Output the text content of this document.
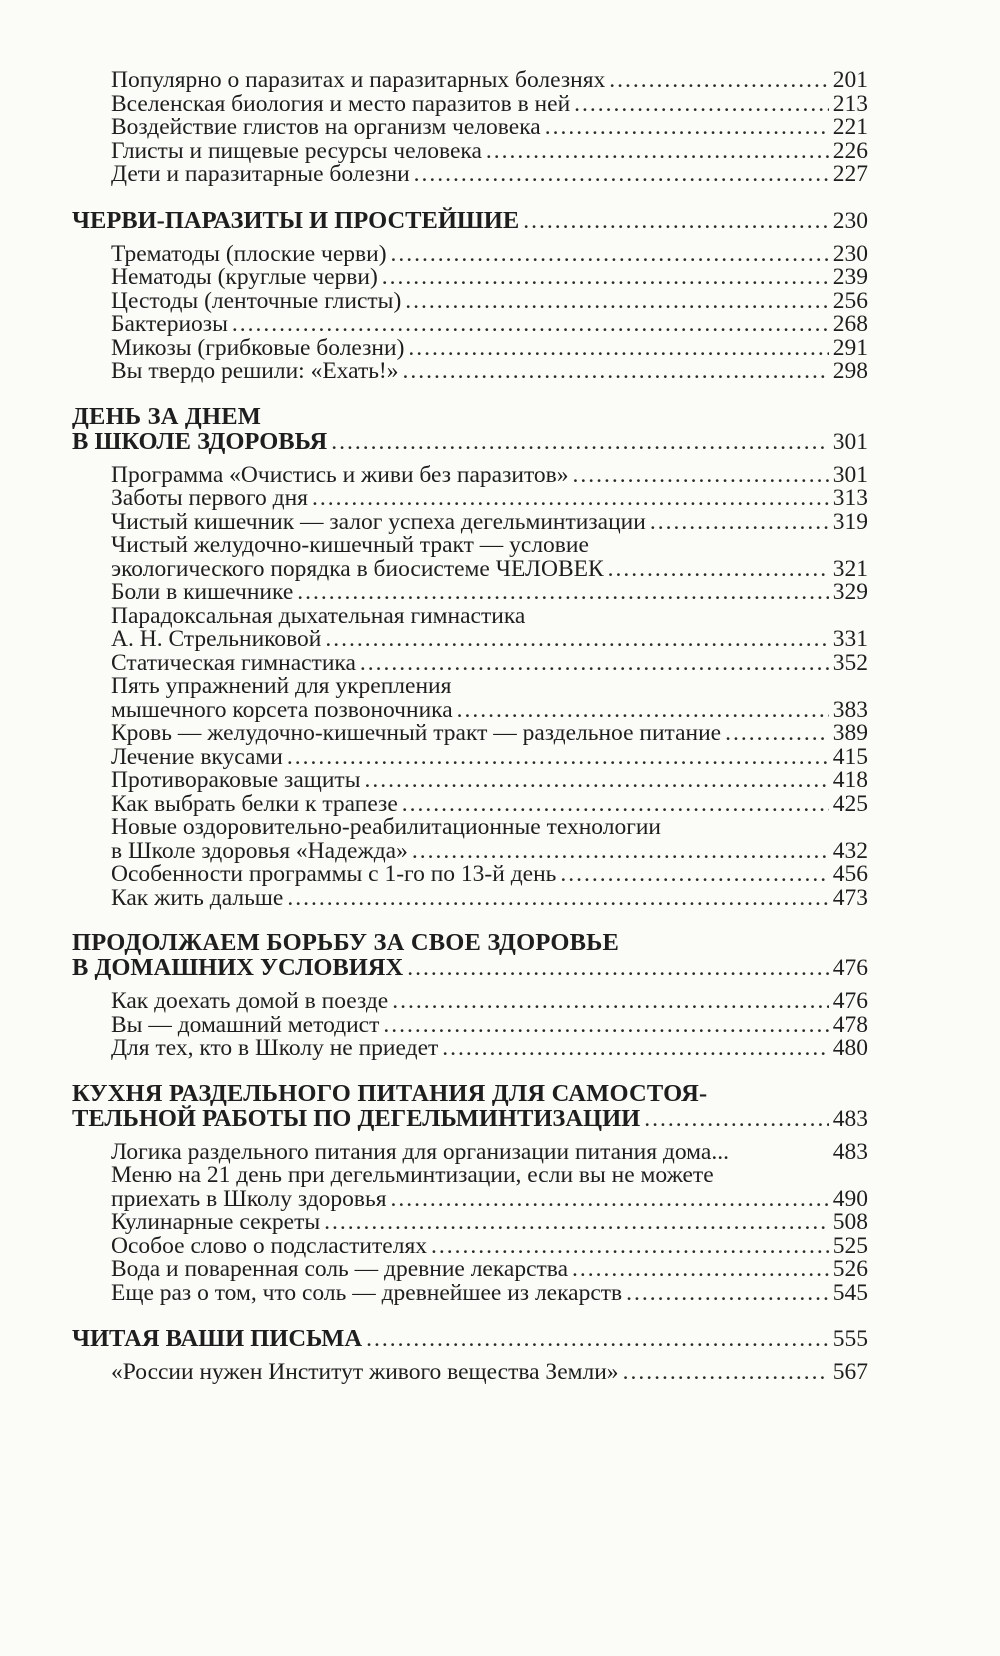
Популярно о паразитах и паразитарных болезнях .....	201
Вселенская биология и место паразитов в ней .....	213
Воздействие глистов на организм человека .....	221
Глисты и пищевые ресурсы человека .....	226
Дети и паразитарные болезни .....	227
ЧЕРВИ-ПАРАЗИТЫ И ПРОСТЕЙШИЕ .....	230
Трематоды (плоские черви) .....	230
Нематоды (круглые черви) .....	239
Цестоды (ленточные глисты) .....	256
Бактериозы .....	268
Микозы (грибковые болезни) .....	291
Вы твердо решили: «Ехать!» .....	298
ДЕНЬ ЗА ДНЕМ
В ШКОЛЕ ЗДОРОВЬЯ .....	301
Программа «Очистись и живи без паразитов» .....	301
Заботы первого дня .....	313
Чистый кишечник — залог успеха дегельминтизации .....	319
Чистый желудочно-кишечный тракт — условие
экологического порядка в биосистеме ЧЕЛОВЕК .....	321
Боли в кишечнике .....	329
Парадоксальная дыхательная гимнастика
А. Н. Стрельниковой .....	331
Статическая гимнастика .....	352
Пять упражнений для укрепления
мышечного корсета позвоночника .....	383
Кровь — желудочно-кишечный тракт — раздельное питание .....	389
Лечение вкусами .....	415
Противораковые защиты .....	418
Как выбрать белки к трапезе .....	425
Новые оздоровительно-реабилитационные технологии
в Школе здоровья «Надежда» .....	432
Особенности программы с 1-го по 13-й день .....	456
Как жить дальше .....	473
ПРОДОЛЖАЕМ БОРЬБУ ЗА СВОЕ ЗДОРОВЬЕ
В ДОМАШНИХ УСЛОВИЯХ .....	476
Как доехать домой в поезде .....	476
Вы — домашний методист .....	478
Для тех, кто в Школу не приедет .....	480
КУХНЯ РАЗДЕЛЬНОГО ПИТАНИЯ ДЛЯ САМОСТОЯ-
ТЕЛЬНОЙ РАБОТЫ ПО ДЕГЕЛЬМИНТИЗАЦИИ .....	483
Логика раздельного питания для организации питания дома...	483
Меню на 21 день при дегельминтизации, если вы не можете
приехать в Школу здоровья .....	490
Кулинарные секреты .....	508
Особое слово о подсластителях .....	525
Вода и поваренная соль — древние лекарства .....	526
Еще раз о том, что соль — древнейшее из лекарств .....	545
ЧИТАЯ ВАШИ ПИСЬМА .....	555
«России нужен Институт живого вещества Земли» .....	567
